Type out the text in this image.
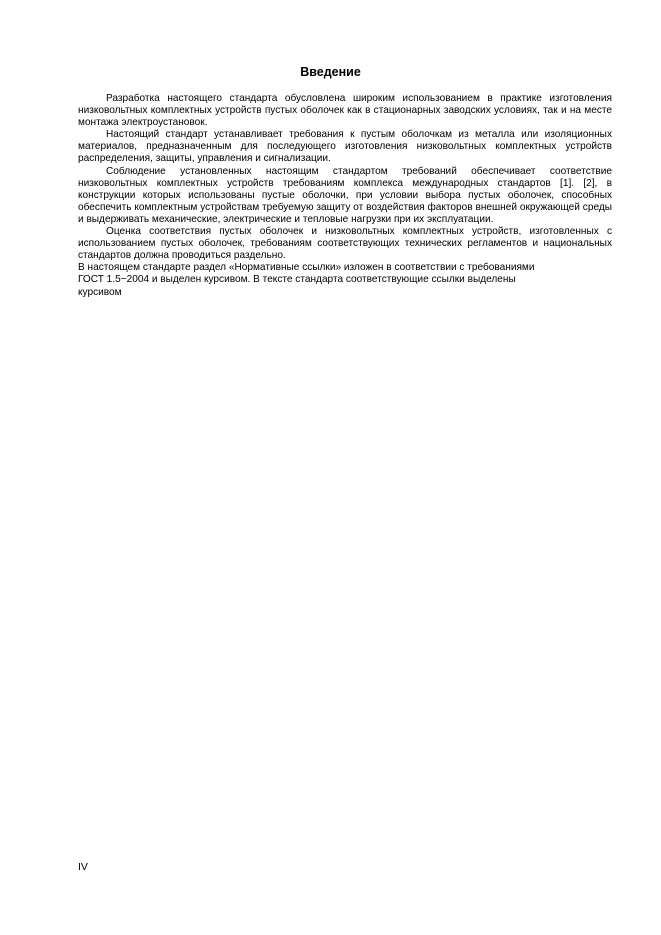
Введение

Разработка настоящего стандарта обусловлена широким использованием в практике изготовления низковольтных комплектных устройств пустых оболочек как в стационарных заводских условиях, так и на месте монтажа электроустановок.

Настоящий стандарт устанавливает требования к пустым оболочкам из металла или изоляционных материалов, предназначенным для последующего изготовления низковольтных комплектных устройств распределения, защиты, управления и сигнализации.

Соблюдение установленных настоящим стандартом требований обеспечивает соответствие низковольтных комплектных устройств требованиям комплекса международных стандартов [1]. [2], в конструкции которых использованы пустые оболочки, при условии выбора пустых оболочек, способных обеспечить комплектным устройствам требуемую защиту от воздействия факторов внешней окружающей среды и выдерживать механические, электрические и тепловые нагрузки при их эксплуатации.

Оценка соответствия пустых оболочек и низковольтных комплектных устройств, изготовленных с использованием пустых оболочек, требованиям соответствующих технических регламентов и национальных стандартов должна проводиться раздельно.

В настоящем стандарте раздел «Нормативные ссылки» изложен в соответствии с требованиями

ГОСТ 1.5−2004 и выделен курсивом. В тексте стандарта соответствующие ссылки выделены

курсивом

IV
